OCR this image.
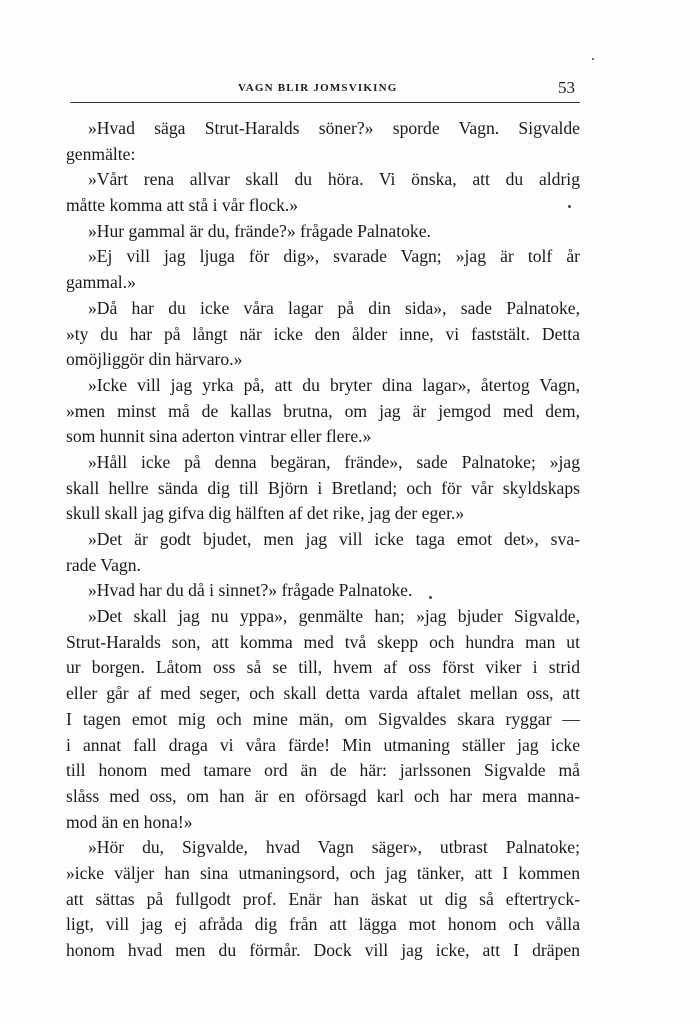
VAGN BLIR JOMSVIKING	53
»Hvad säga Strut-Haralds söner?» sporde Vagn. Sigvalde
genmälte:
»Vårt rena allvar skall du höra. Vi önska, att du aldrig
måtte komma att stå i vår flock.»
»Hur gammal är du, frände?» frågade Palnatoke.
»Ej vill jag ljuga för dig», svarade Vagn; »jag är tolf år
gammal.»
»Då har du icke våra lagar på din sida», sade Palnatoke,
»ty du har på långt när icke den ålder inne, vi faststält. Detta
omöjliggör din härvaro.»
»Icke vill jag yrka på, att du bryter dina lagar», återtog Vagn,
»men minst må de kallas brutna, om jag är jemgod med dem,
som hunnit sina aderton vintrar eller flere.»
»Håll icke på denna begäran, frände», sade Palnatoke; »jag
skall hellre sända dig till Björn i Bretland; och för vår skyldskaps
skull skall jag gifva dig hälften af det rike, jag der eger.»
»Det är godt bjudet, men jag vill icke taga emot det», sva-
rade Vagn.
»Hvad har du då i sinnet?» frågade Palnatoke.
»Det skall jag nu yppa», genmälte han; »jag bjuder Sigvalde,
Strut-Haralds son, att komma med två skepp och hundra man ut
ur borgen. Låtom oss så se till, hvem af oss först viker i strid
eller går af med seger, och skall detta varda aftalet mellan oss, att
I tagen emot mig och mine män, om Sigvaldes skara ryggar —
i annat fall draga vi våra färde! Min utmaning ställer jag icke
till honom med tamare ord än de här: jarlssonen Sigvalde må
slåss med oss, om han är en oförsagd karl och har mera manna-
mod än en hona!»
»Hör du, Sigvalde, hvad Vagn säger», utbrast Palnatoke;
»icke väljer han sina utmaningsord, och jag tänker, att I kommen
att sättas på fullgodt prof. Enär han äskat ut dig så eftertryck-
ligt, vill jag ej afråda dig från att lägga mot honom och vålla
honom hvad men du förmår. Dock vill jag icke, att I dräpen
